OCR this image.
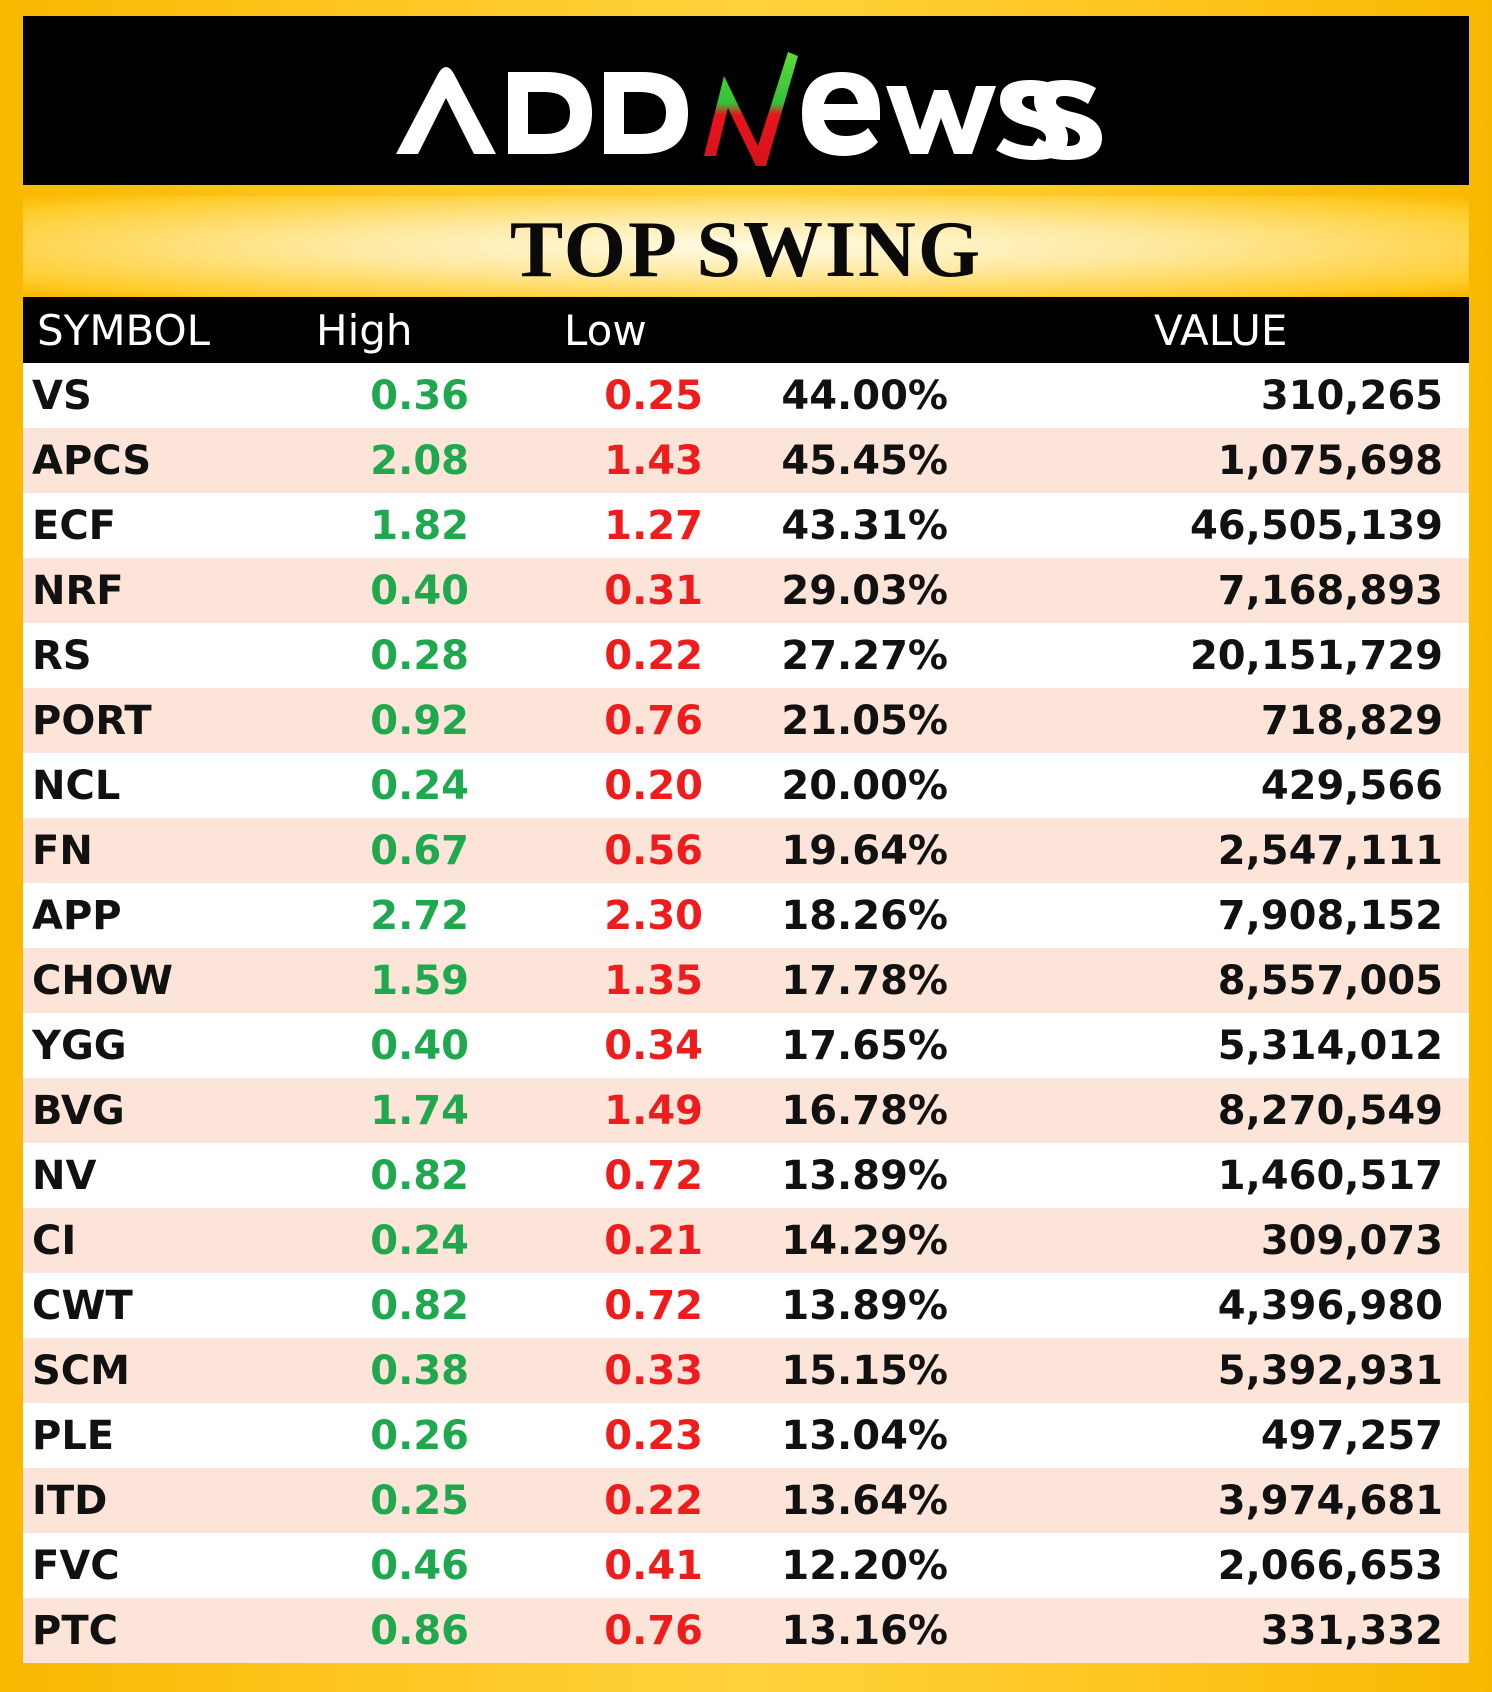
TOP SWING
SYMBOL	High	Low	VALUE
VS	0.36	0.25 44.00%	310,265
APCS	2.08	1.43 45.45%	1,075,698
ECF	1.82	1.27 43.31%	46,505,139
NRF	0.40	0.31 29.03%	7,168,893
RS	0.28	0.22 27.27%	20,151,729
PORT	0.92	0.76 21.05%	718,829
NCL	0.24	0.20 20.00%	429,566
FN	0.67	0.56 19.64%	2,547,111
APP	2.72	2.30 18.26%	7,908,152
CHOW	1.59	1.35 17.78%	8,557,005
YGG	0.40	0.34 17.65%	5,314,012
BVG	1.74	1.49 16.78%	8,270,549
NV	0.82	0.72 13.89%	1,460,517
CI	0.24	0.21 14.29%	309,073
CWT	0.82	0.72 13.89%	4,396,980
SCM	0.38	0.33 15.15%	5,392,931
PLE	0.26	0.23 13.04%	497,257
ITD	0.25	0.22 13.64%	3,974,681
FVC	0.46	0.41 12.20%	2,066,653
PTC	0.86	0.76 13.16%	331,332
